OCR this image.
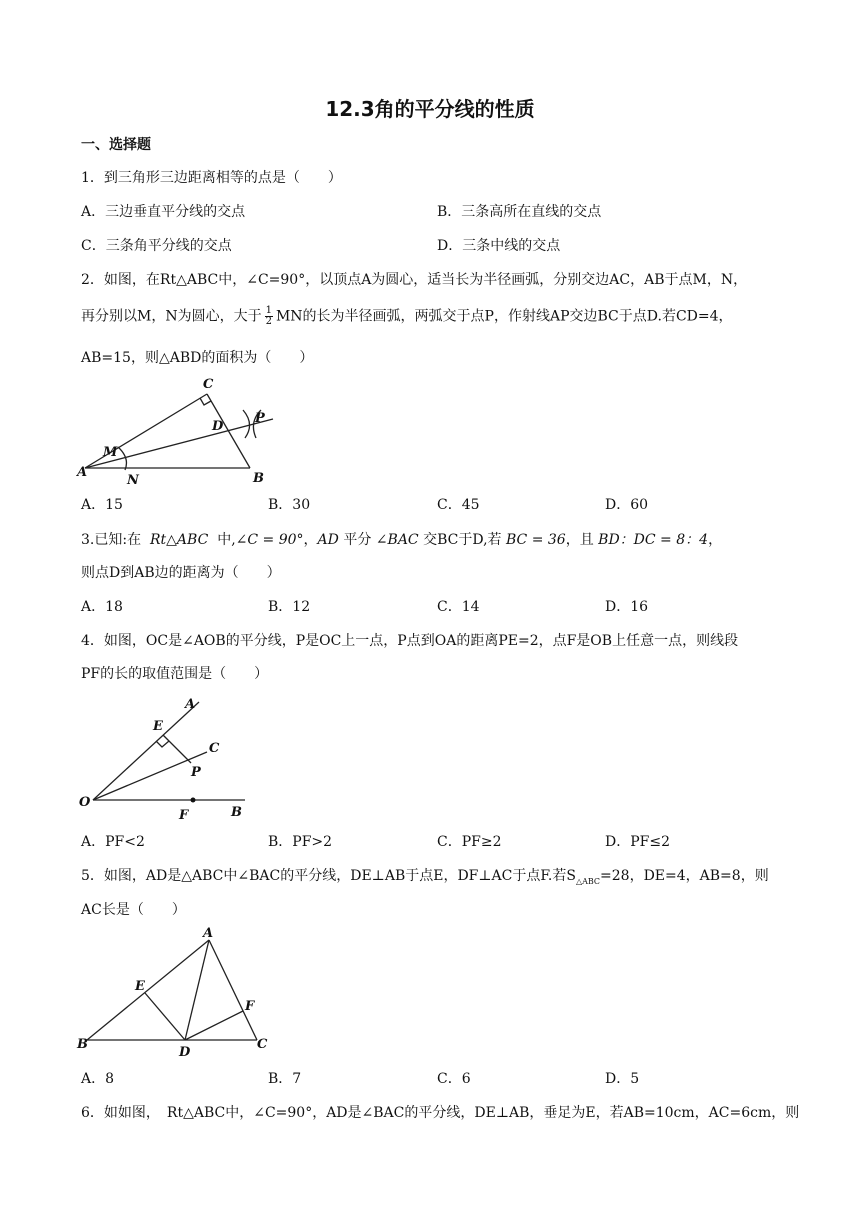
12.3角的平分线的性质
一、选择题
1．到三角形三边距离相等的点是（　　）
A．三边垂直平分线的交点	B．三条高所在直线的交点
C．三条角平分线的交点	D．三条中线的交点
2．如图，在Rt△ABC中，∠C=90°，以顶点A为圆心，适当长为半径画弧，分别交边AC，AB于点M，N，
再分别以M，N为圆心，大于 $\frac{1}{2}$ MN的长为半径画弧，两弧交于点P，作射线AP交边BC于点D.若CD=4，
AB=15，则△ABD的面积为（　　）
A	B
C
D
M
N
P
A．15	B．30	C．45	D．60
3.已知:在 Rt△ABC 中,∠C = 90°，AD 平分 ∠BAC 交BC于D,若 BC = 36，且 BD：DC = 8：4，
则点D到AB边的距离为（　　）
A．18	B．12	C．14	D．16
4．如图，OC是∠AOB的平分线，P是OC上一点，P点到OA的距离PE=2，点F是OB上任意一点，则线段
PF的长的取值范围是（　　）
A
E
C
P
O
F	B
A．PF<2	B．PF>2	C．PF≥2	D．PF≤2
5．如图，AD是△ABC中∠BAC的平分线，DE⊥AB于点E，DF⊥AC于点F.若$S_{\triangle ABC}=28$，DE=4，AB=8，则
AC长是（　　）
A
E
F
B
D
C
A．8	B．7	C．6	D．5
6．如如图，　Rt△ABC中，∠C=90°，AD是∠BAC的平分线，DE⊥AB，垂足为E，若AB=10cm，AC=6cm，则
